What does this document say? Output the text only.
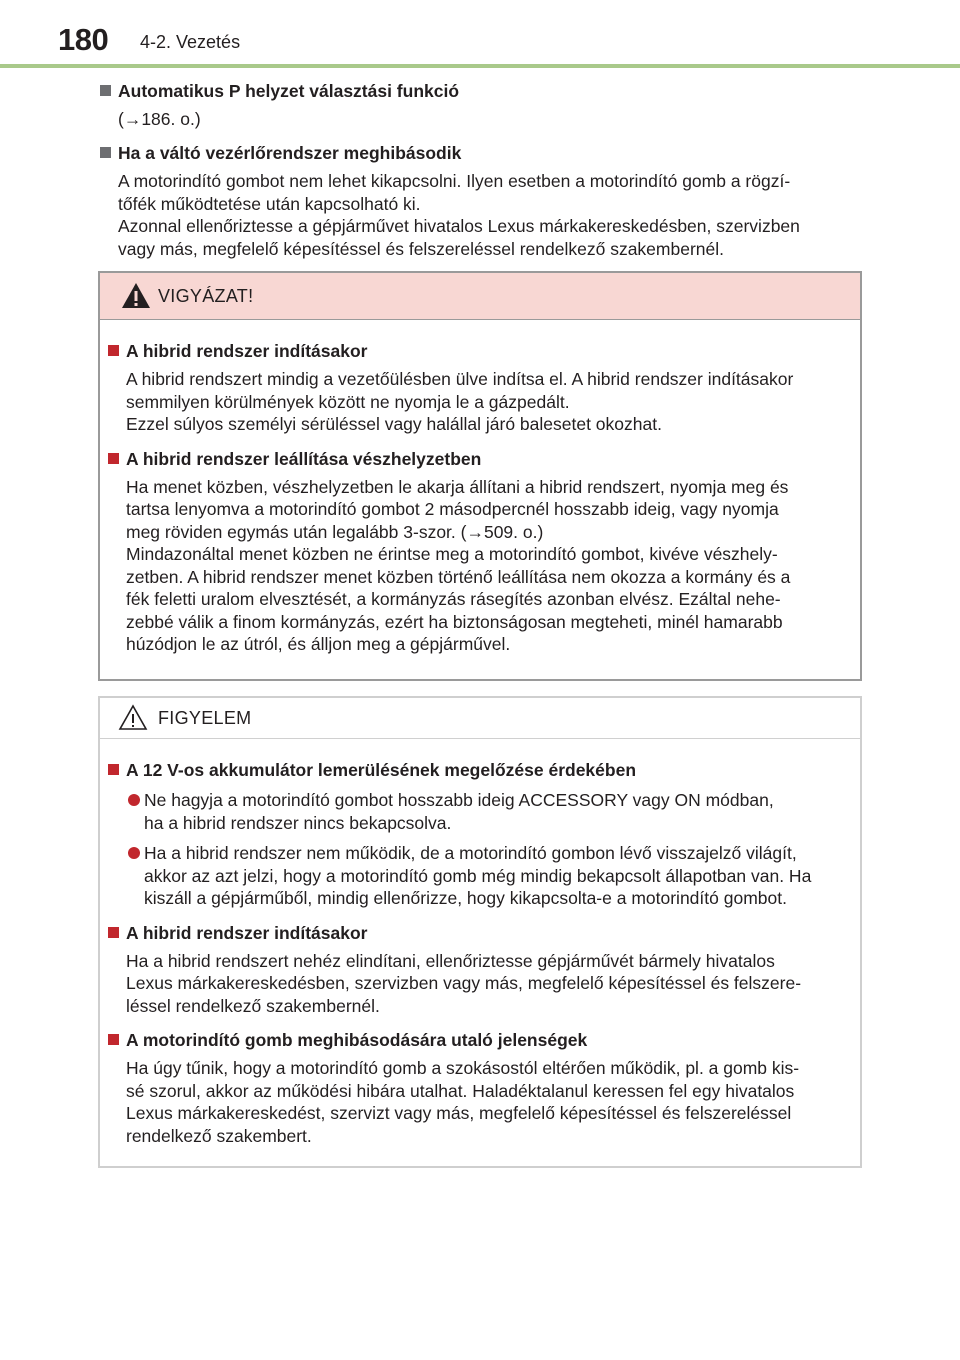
180 4-2. Vezetés
Automatikus P helyzet választási funkció

(→186. o.)

Ha a váltó vezérlőrendszer meghibásodik

A motorindító gombot nem lehet kikapcsolni. Ilyen esetben a motorindító gomb a rögzí-

tőfék működtetése után kapcsolható ki.

Azonnal ellenőriztesse a gépjárművet hivatalos Lexus márkakereskedésben, szervizben

vagy más, megfelelő képesítéssel és felszereléssel rendelkező szakembernél.

VIGYÁZAT!
A hibrid rendszer indításakor

A hibrid rendszert mindig a vezetőülésben ülve indítsa el. A hibrid rendszer indításakor

semmilyen körülmények között ne nyomja le a gázpedált.

Ezzel súlyos személyi sérüléssel vagy halállal járó balesetet okozhat.

A hibrid rendszer leállítása vészhelyzetben

Ha menet közben, vészhelyzetben le akarja állítani a hibrid rendszert, nyomja meg és

tartsa lenyomva a motorindító gombot 2 másodpercnél hosszabb ideig, vagy nyomja

meg röviden egymás után legalább 3-szor. (→509. o.)

Mindazonáltal menet közben ne érintse meg a motorindító gombot, kivéve vészhely-

zetben. A hibrid rendszer menet közben történő leállítása nem okozza a kormány és a

fék feletti uralom elvesztését, a kormányzás rásegítés azonban elvész. Ezáltal nehe-

zebbé válik a finom kormányzás, ezért ha biztonságosan megteheti, minél hamarabb

húzódjon le az útról, és álljon meg a gépjárművel.

FIGYELEM
A 12 V-os akkumulátor lemerülésének megelőzése érdekében
Ne hagyja a motorindító gombot hosszabb ideig ACCESSORY vagy ON módban,
ha a hibrid rendszer nincs bekapcsolva.
Ha a hibrid rendszer nem működik, de a motorindító gombon lévő visszajelző világít,
akkor az azt jelzi, hogy a motorindító gomb még mindig bekapcsolt állapotban van. Ha
kiszáll a gépjárműből, mindig ellenőrizze, hogy kikapcsolta-e a motorindító gombot.
A hibrid rendszer indításakor

Ha a hibrid rendszert nehéz elindítani, ellenőriztesse gépjárművét bármely hivatalos

Lexus márkakereskedésben, szervizben vagy más, megfelelő képesítéssel és felszere-

léssel rendelkező szakembernél.

A motorindító gomb meghibásodására utaló jelenségek

Ha úgy tűnik, hogy a motorindító gomb a szokásostól eltérően működik, pl. a gomb kis-

sé szorul, akkor az működési hibára utalhat. Haladéktalanul keressen fel egy hivatalos

Lexus márkakereskedést, szervizt vagy más, megfelelő képesítéssel és felszereléssel

rendelkező szakembert.
